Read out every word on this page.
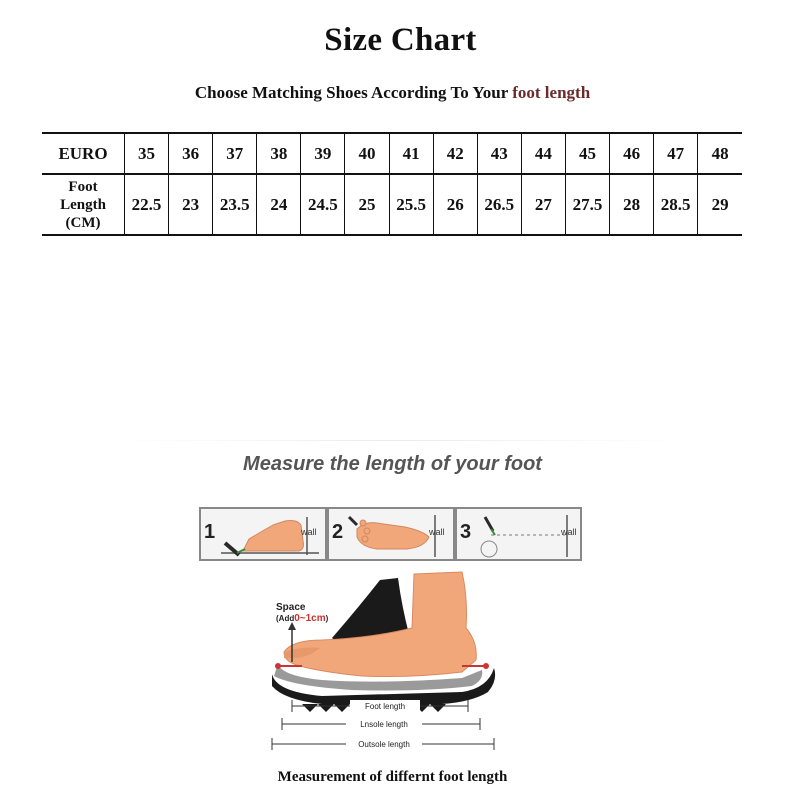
Size Chart
Choose Matching Shoes According To Your foot length
EURO	35	36	37	38	39	40	41	42	43	44	45	46	47	48

Foot
Length
(CM)	22.5	23	23.5	24	24.5	25	25.5	26	26.5	27	27.5	28	28.5	29
Measure the length of your foot
1	wall 2	wall 3	wall
Foot length
Lnsole length
Outsole length
Space
(Add0~1cm)
Measurement of differnt foot length
